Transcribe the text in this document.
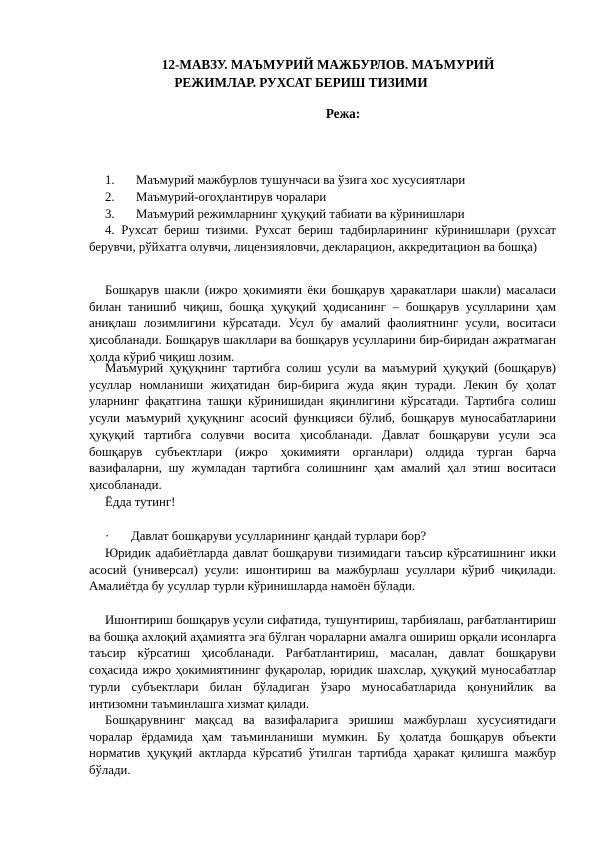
12-МАВЗУ. МАЪМУРИЙ МАЖБУРЛОВ. МАЪМУРИЙ
РЕЖИМЛАР. РУХСАТ БЕРИШ ТИЗИМИ

Режа:

1. Маъмурий мажбурлов тушунчаси ва ўзига хос хусусиятлари
2. Маъмурий-огоҳлантирув чоралари
3. Маъмурий режимларнинг ҳуқуқий табиати ва кўринишлари

4. Рухсат бериш тизими. Рухсат бериш тадбирларининг кўринишлари (рухсат берувчи, рўйхатга олувчи, лицензияловчи, декларацион, аккредитацион ва бошқа)

Бошқарув шакли (ижро ҳокимияти ёки бошқарув ҳаракатлари шакли) масаласи билан танишиб чиқиш, бошқа ҳуқуқий ҳодисанинг – бошқарув усулларини ҳам аниқлаш лозимлигини кўрсатади. Усул бу амалий фаолиятнинг усули, воситаси ҳисобланади. Бошқарув шакллари ва бошқарув усулларини бир-биридан ажратмаган ҳолда кўриб чиқиш лозим.

Маъмурий ҳуқуқнинг тартибга солиш усули ва маъмурий ҳуқуқий (бошқарув) усуллар номланиши жиҳатидан бир-бирига жуда яқин туради. Лекин бу ҳолат уларнинг фақатгина ташқи кўринишидан яқинлигини кўрсатади. Тартибга солиш усули маъмурий ҳуқуқнинг асосий функцияси бўлиб, бошқарув муносабатларини ҳуқуқий тартибга солувчи восита ҳисобланади. Давлат бошқаруви усули эса бошқарув субъектлари (ижро ҳокимияти органлари) олдида турган барча вазифаларни, шу жумладан тартибга солишнинг ҳам амалий ҳал этиш воситаси ҳисобланади.

Ёдда тутинг!

· Давлат бошқаруви усулларининг қандай турлари бор?

Юридик адабиётларда давлат бошқаруви тизимидаги таъсир кўрсатишнинг икки асосий (универсал) усули: ишонтириш ва мажбурлаш усуллари кўриб чиқилади. Амалиётда бу усуллар турли кўринишларда намоён бўлади.

Ишонтириш бошқарув усули сифатида, тушунтириш, тарбиялаш, рағбатлантириш ва бошқа ахлоқий аҳамиятга эга бўлган чораларни амалга ошириш орқали исонларга таъсир кўрсатиш ҳисобланади. Рағбатлантириш, масалан, давлат бошқаруви соҳасида ижро ҳокимиятининг фуқаролар, юридик шахслар, ҳуқуқий муносабатлар турли субъектлари билан бўладиган ўзаро муносабатларида қонунийлик ва интизомни таъминлашга хизмат қилади.

Бошқарувнинг мақсад ва вазифаларига эришиш мажбурлаш хусусиятидаги чоралар ёрдамида ҳам таъминланиши мумкин. Бу ҳолатда бошқарув объекти норматив ҳуқуқий актларда кўрсатиб ўтилган тартибда ҳаракат қилишга мажбур бўлади.
